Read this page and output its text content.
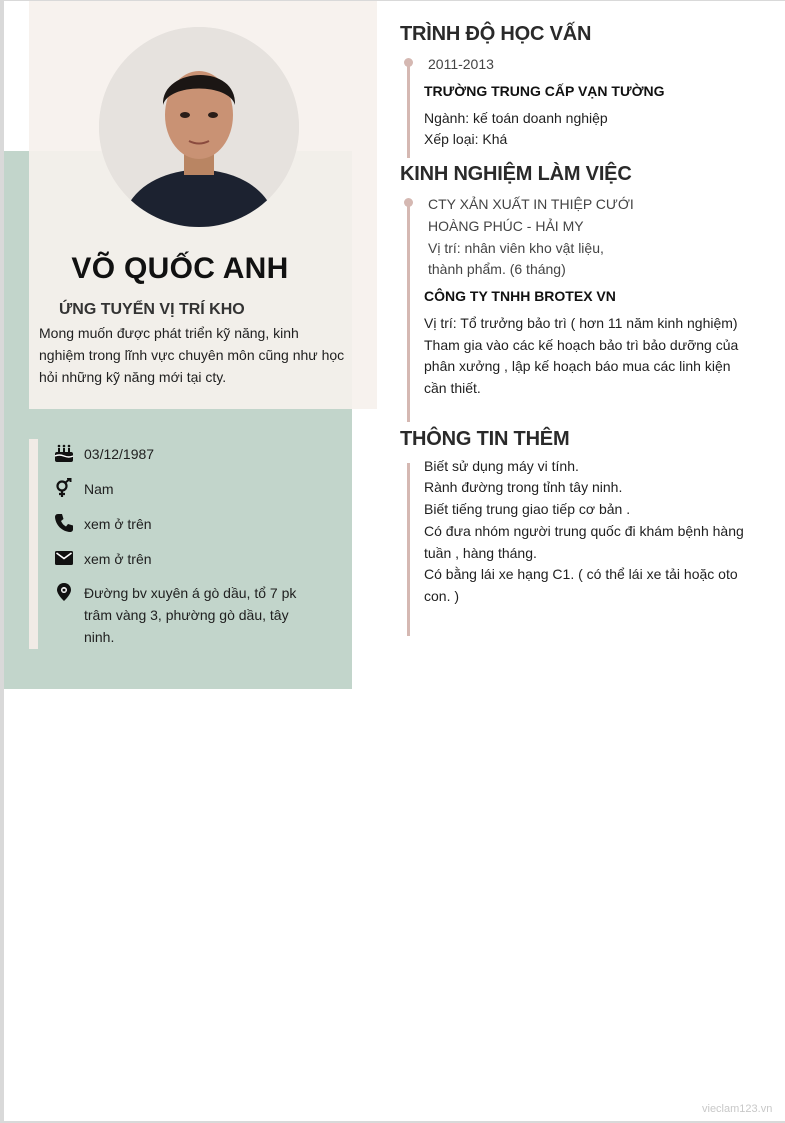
VÕ QUỐC ANH
ỨNG TUYỂN VỊ TRÍ KHO
Mong muốn được phát triển kỹ năng, kinh
nghiệm trong lĩnh vực chuyên môn cũng như học
hỏi những kỹ năng mới tại cty.
03/12/1987
Nam
xem ở trên
xem ở trên
Đường bv xuyên á gò dầu, tổ 7 pk
trâm vàng 3, phường gò dầu, tây
ninh.
TRÌNH ĐỘ HỌC VẤN
2011-2013
TRƯỜNG TRUNG CẤP VẠN TƯỜNG
Ngành: kế toán doanh nghiệp
Xếp loại: Khá
KINH NGHIỆM LÀM VIỆC
CTY XẢN XUẤT IN THIỆP CƯỚI
HOÀNG PHÚC - HẢI MY
Vị trí: nhân viên kho vật liệu,
thành phẩm. (6 tháng)
CÔNG TY TNHH BROTEX VN
Vị trí: Tổ trưởng bảo trì ( hơn 11 năm kinh nghiệm)
Tham gia vào các kế hoạch bảo trì bảo dưỡng của
phân xưởng , lập kế hoạch báo mua các linh kiện
cần thiết.
THÔNG TIN THÊM
Biết sử dụng máy vi tính.
Rành đường trong tỉnh tây ninh.
Biết tiếng trung giao tiếp cơ bản .
Có đưa nhóm người trung quốc đi khám bệnh hàng
tuần , hàng tháng.
Có bằng lái xe hạng C1. ( có thể lái xe tải hoặc oto
con. )
vieclam123.vn
